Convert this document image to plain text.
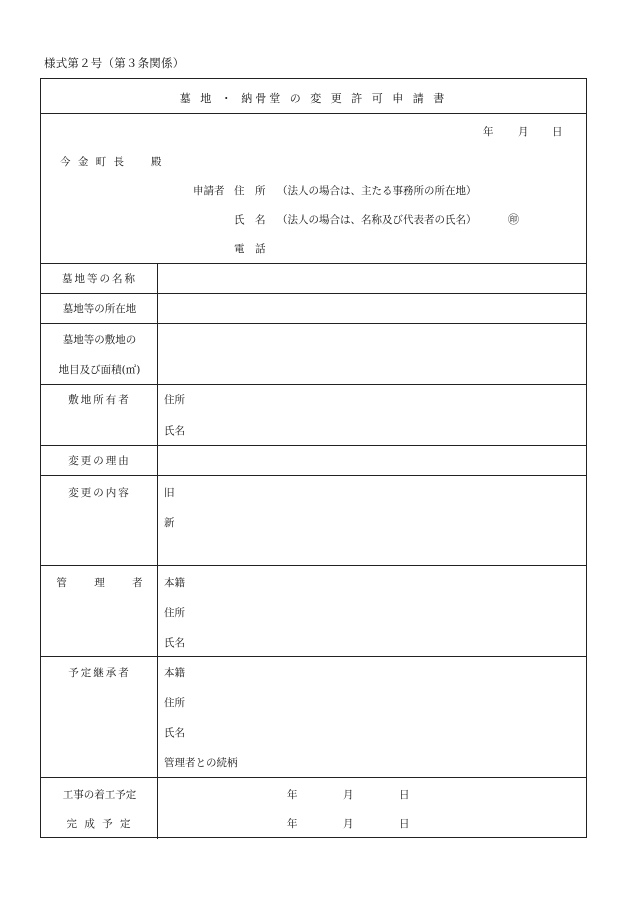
様式第２号（第３条関係）
墓 地 ・ 納骨堂 の 変 更 許 可 申 請 書
年 月 日
今 金 町 長　　殿
申請者 住　所 （法人の場合は、主たる事務所の所在地）
氏　名 （法人の場合は、名称及び代表者の氏名）	㊞
電　話
墓地等の名称
墓地等の所在地
墓地等の敷地の
地目及び面積(㎡)
敷地所有者	住所
氏名
変更の理由
変更の内容	旧
新
管 理 者 本籍
住所
氏名
予定継承者	本籍
住所
氏名
管理者との続柄
工事の着工予定	年	月	日
完 成 予 定	年	月	日
